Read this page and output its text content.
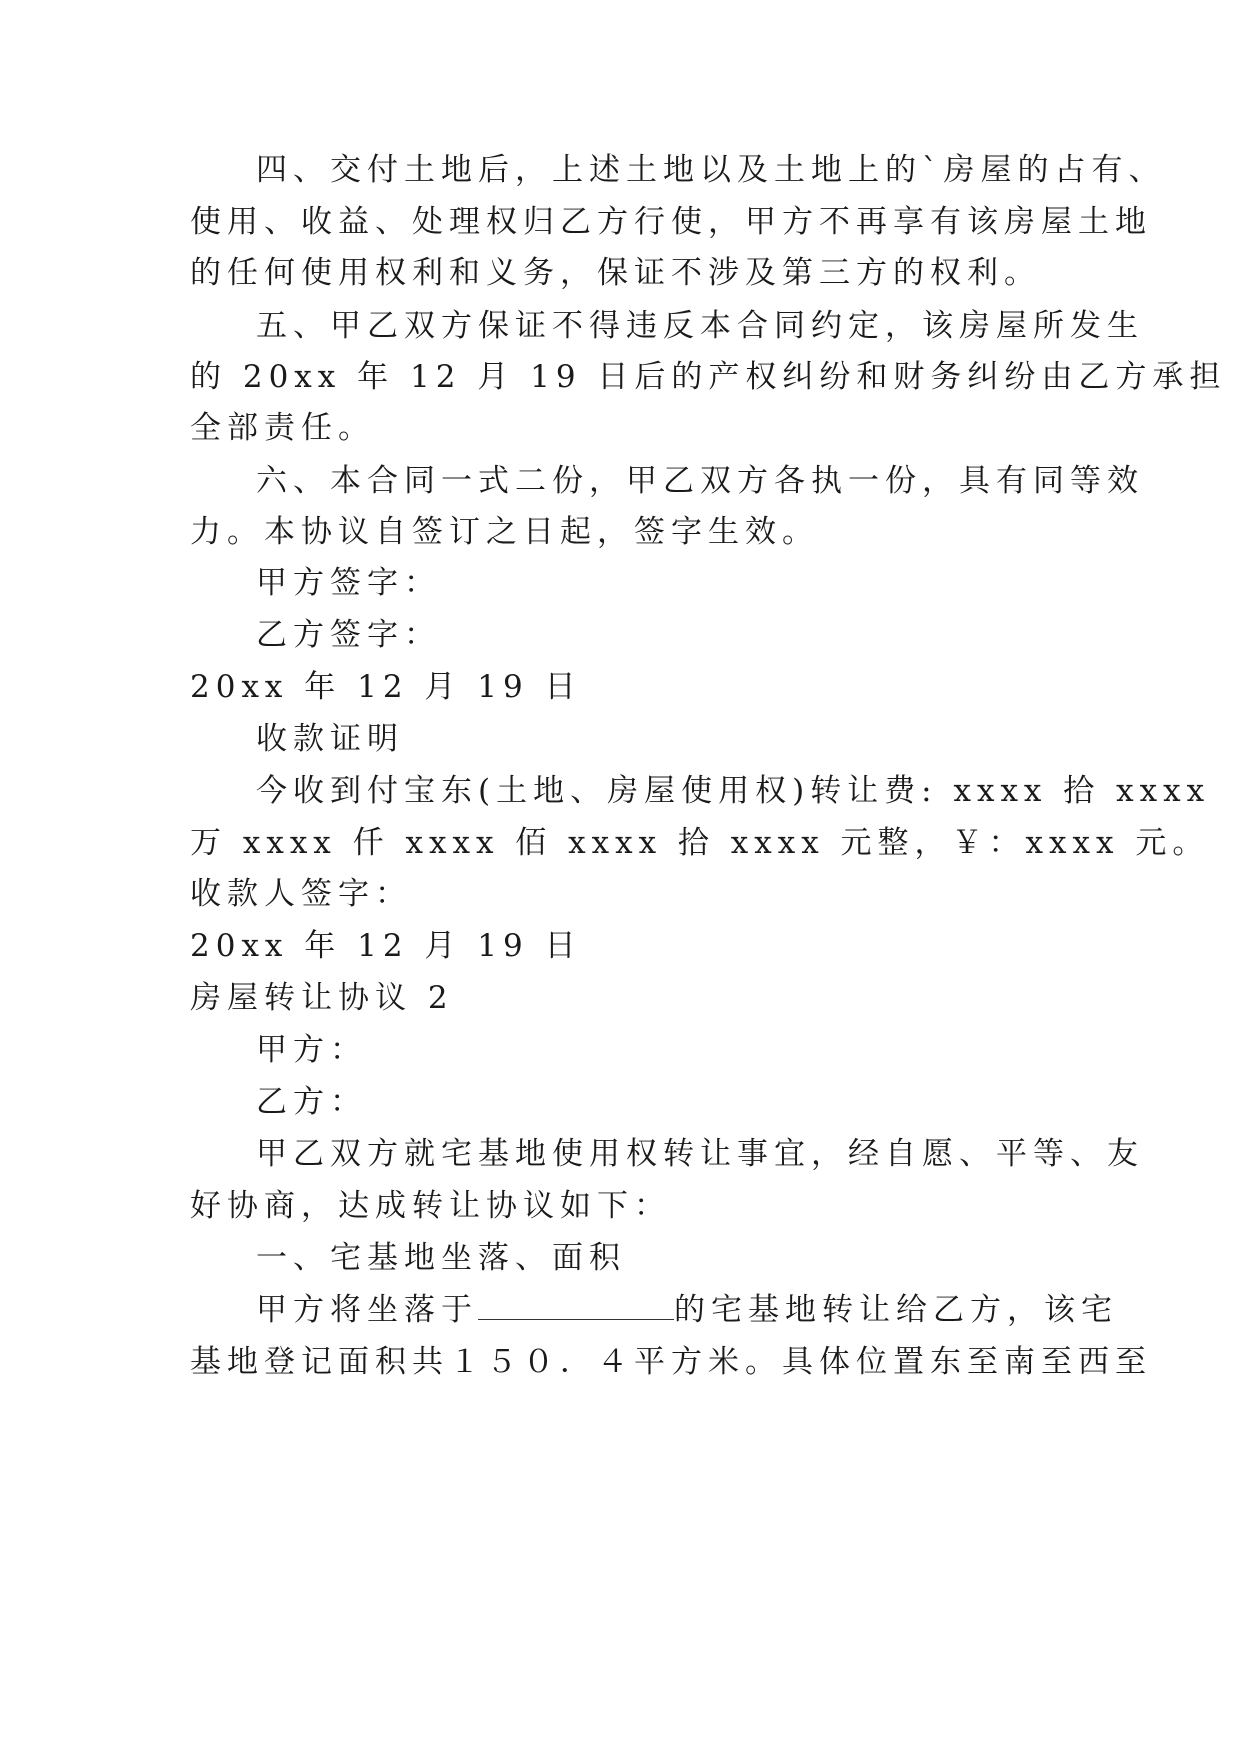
四、交付土地后，上述土地以及土地上的`房屋的占有、
使用、收益、处理权归乙方行使，甲方不再享有该房屋土地
的任何使用权利和义务，保证不涉及第三方的权利。
五、甲乙双方保证不得违反本合同约定，该房屋所发生
的 20xx 年 12 月 19 日后的产权纠纷和财务纠纷由乙方承担
全部责任。
六、本合同一式二份，甲乙双方各执一份，具有同等效
力。本协议自签订之日起，签字生效。
甲方签字：
乙方签字：
20xx 年 12 月 19 日
收款证明
今收到付宝东(土地、房屋使用权)转让费: xxxx 拾 xxxx
万 xxxx 仟 xxxx 佰 xxxx 拾 xxxx 元整，￥：xxxx 元。
收款人签字：
20xx 年 12 月 19 日
房屋转让协议 2
甲方：
乙方：
甲乙双方就宅基地使用权转让事宜，经自愿、平等、友
好协商，达成转让协议如下：
一、宅基地坐落、面积
甲方将坐落于	的宅基地转让给乙方，该宅
基地登记面积共１５０．４平方米。具体位置东至南至西至
